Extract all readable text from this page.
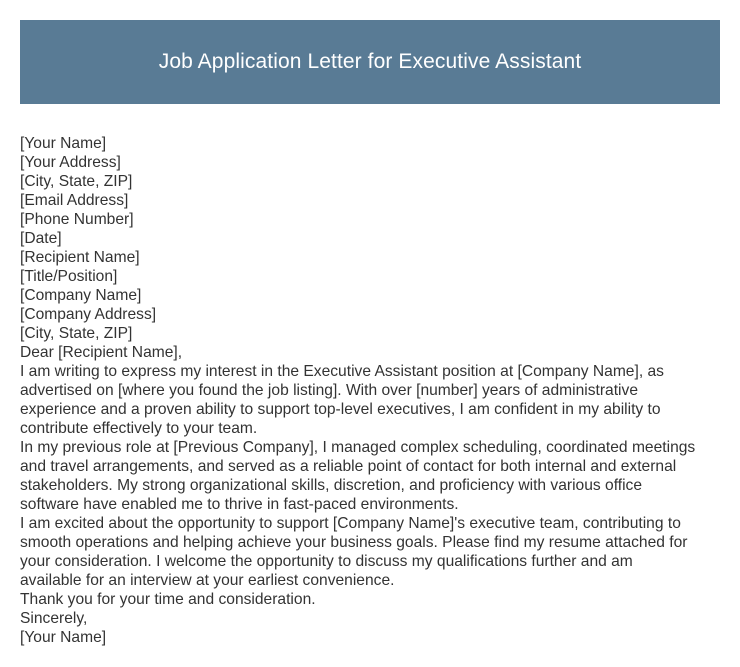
Job Application Letter for Executive Assistant
[Your Name]
[Your Address]
[City, State, ZIP]
[Email Address]
[Phone Number]
[Date]
[Recipient Name]
[Title/Position]
[Company Name]
[Company Address]
[City, State, ZIP]
Dear [Recipient Name],
I am writing to express my interest in the Executive Assistant position at [Company Name], as
advertised on [where you found the job listing]. With over [number] years of administrative
experience and a proven ability to support top-level executives, I am confident in my ability to
contribute effectively to your team.
In my previous role at [Previous Company], I managed complex scheduling, coordinated meetings
and travel arrangements, and served as a reliable point of contact for both internal and external
stakeholders. My strong organizational skills, discretion, and proficiency with various office
software have enabled me to thrive in fast-paced environments.
I am excited about the opportunity to support [Company Name]'s executive team, contributing to
smooth operations and helping achieve your business goals. Please find my resume attached for
your consideration. I welcome the opportunity to discuss my qualifications further and am
available for an interview at your earliest convenience.
Thank you for your time and consideration.
Sincerely,
[Your Name]
